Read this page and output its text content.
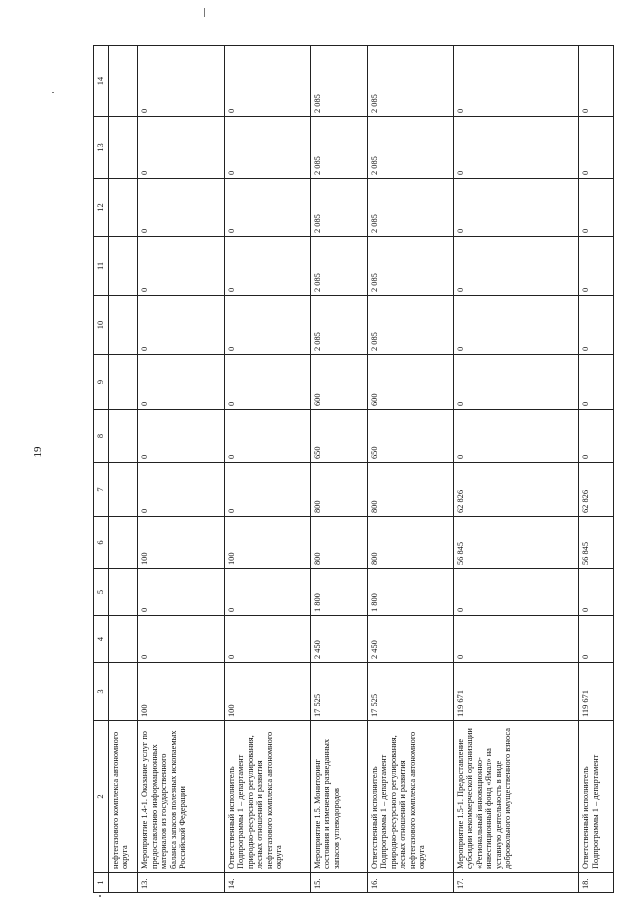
19
1	2	3	4	5	6	7	8	9	10	11	12	13	14
	нефтегазового комплекса автономного округа												
13.	Мероприятие 1.4-1. Оказание услуг по предоставлению информационных материалов из государственного баланса запасов полезных ископаемых Российской Федерации	100	0	0	100	0	0	0	0	0	0	0	0
14.	Ответственный исполнитель Подпрограммы 1 – департамент природно-ресурсного регулирования, лесных отношений и развития нефтегазового комплекса автономного округа	100	0	0	100	0	0	0	0	0	0	0	0
15.	Мероприятие 1.5. Мониторинг состояния и изменения разведанных запасов углеводородов	17 525	2 450	1 800	800	800	650	600	2 085	2 085	2 085	2 085	2 085
16.	Ответственный исполнитель Подпрограммы 1 – департамент природно-ресурсного регулирования, лесных отношений и развития нефтегазового комплекса автономного округа	17 525	2 450	1 800	800	800	650	600	2 085	2 085	2 085	2 085	2 085
17.	Мероприятие 1.5-1. Предоставление субсидии некоммерческой организации «Региональный инновационно-инвестиционный фонд «Ямал» на уставную деятельность в виде добровольного имущественного взноса	119 671	0	0	56 845	62 826	0	0	0	0	0	0	0
18.	Ответственный исполнитель Подпрограммы 1 – департамент	119 671	0	0	56 845	62 826	0	0	0	0	0	0	0
